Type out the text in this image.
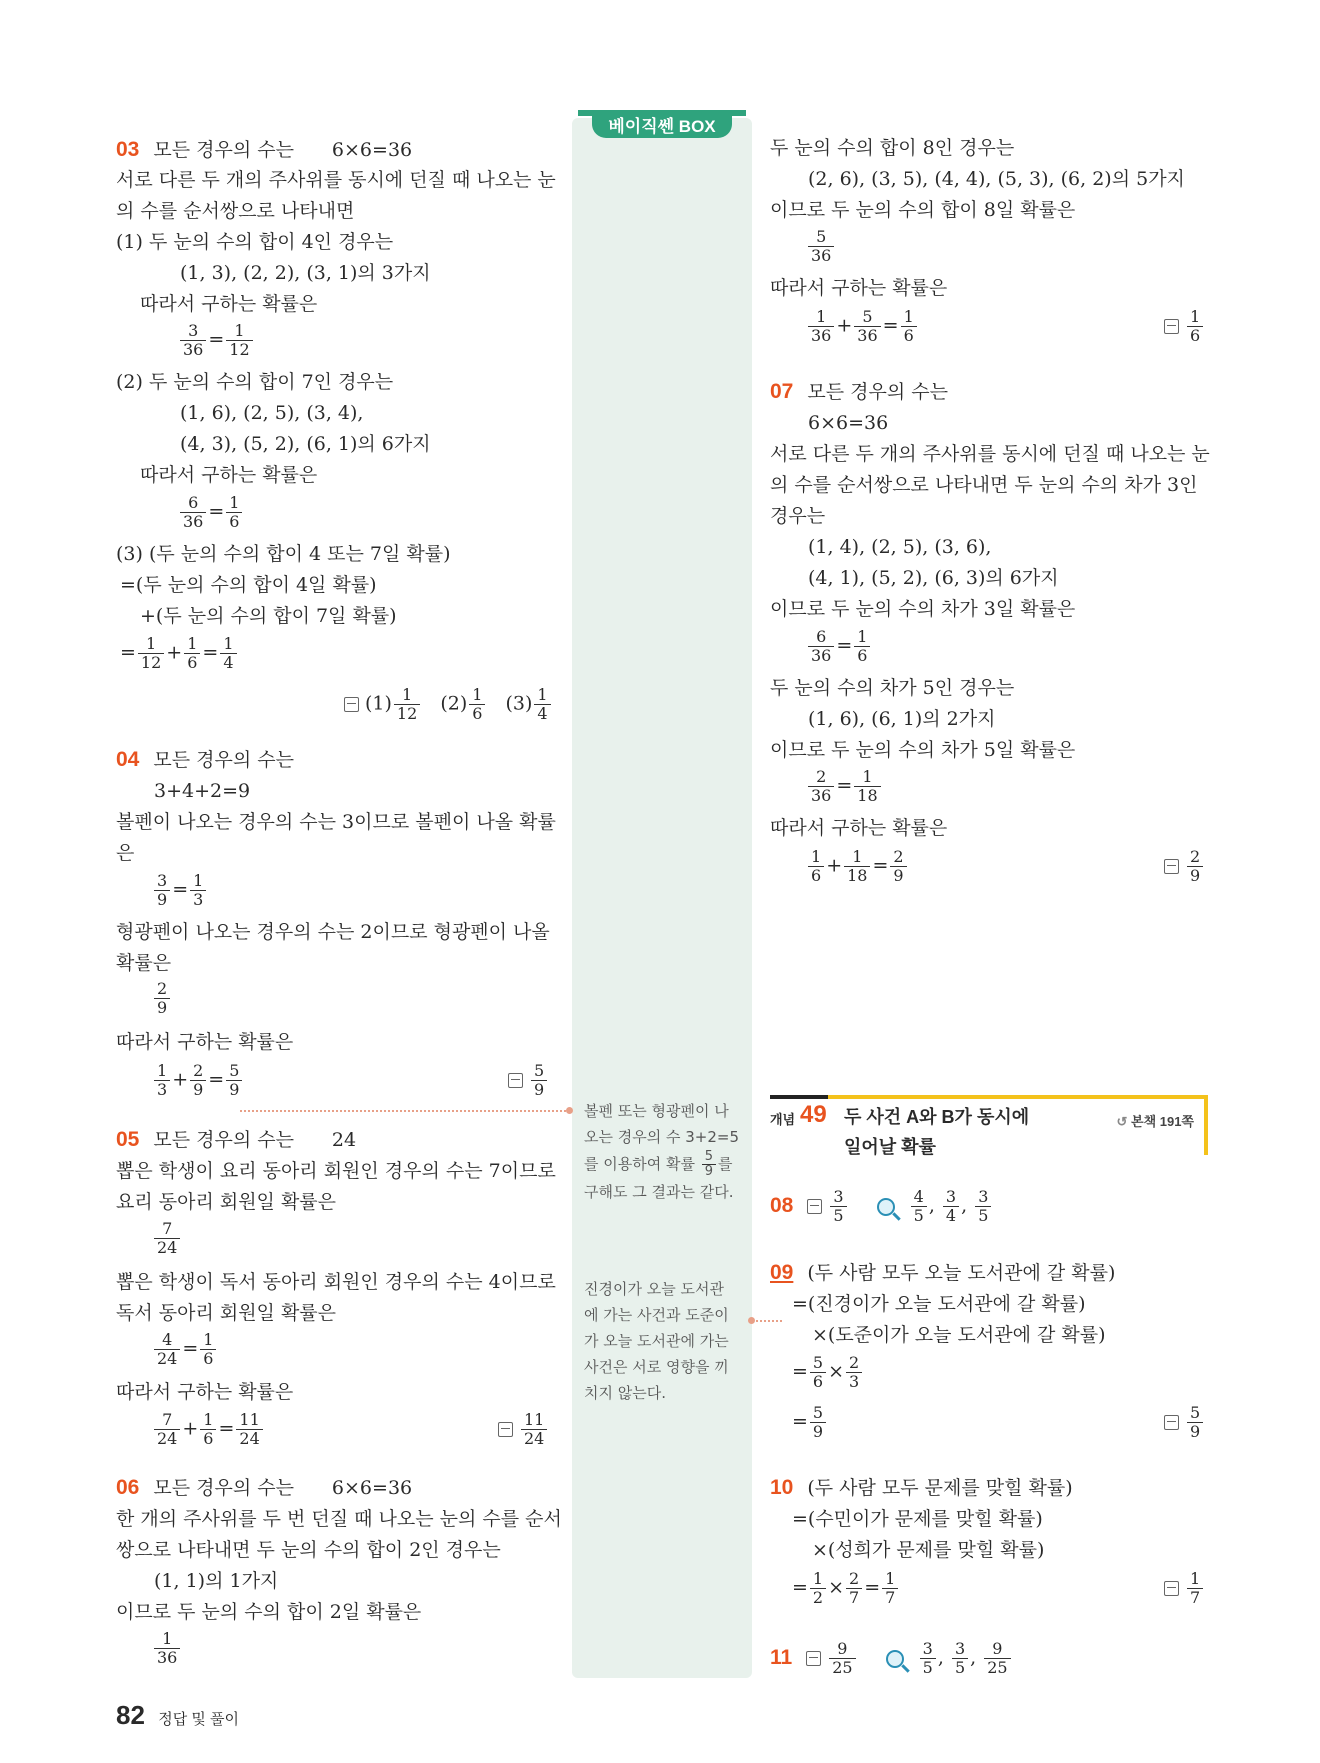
베이직쎈 BOX
03 모든 경우의 수는 6×6=36
서로 다른 두 개의 주사위를 동시에 던질 때 나오는 눈
의 수를 순서쌍으로 나타내면
(1) 두 눈의 수의 합이 4인 경우는
(1, 3), (2, 2), (3, 1)의 3가지
따라서 구하는 확률은
$\frac{3}{36} = \frac{1}{12}$
(2) 두 눈의 수의 합이 7인 경우는
(1, 6), (2, 5), (3, 4),
(4, 3), (5, 2), (6, 1)의 6가지
따라서 구하는 확률은
$\frac{6}{36} = \frac{1}{6}$
(3) (두 눈의 수의 합이 4 또는 7일 확률)
=(두 눈의 수의 합이 4일 확률)
+(두 눈의 수의 합이 7일 확률)
= $\frac{1}{12} + \frac{1}{6} = \frac{1}{4}$
$(1) \frac{1}{12} (2) \frac{1}{6} (3) \frac{1}{4}$
04 모든 경우의 수는
3+4+2=9
볼펜이 나오는 경우의 수는 3이므로 볼펜이 나올 확률
은
$\frac{3}{9} = \frac{1}{3}$
형광펜이 나오는 경우의 수는 2이므로 형광펜이 나올
확률은
$\frac{2}{9}$
따라서 구하는 확률은
$\frac{1}{3} + \frac{2}{9} = \frac{5}{9}$	$\frac{5}{9}$
05 모든 경우의 수는 24
뽑은 학생이 요리 동아리 회원인 경우의 수는 7이므로
요리 동아리 회원일 확률은
$\frac{7}{24}$
뽑은 학생이 독서 동아리 회원인 경우의 수는 4이므로
독서 동아리 회원일 확률은
$\frac{4}{24} = \frac{1}{6}$
따라서 구하는 확률은
$\frac{7}{24} + \frac{1}{6} = \frac{11}{24}$	$\frac{11}{24}$
06 모든 경우의 수는 6×6=36
한 개의 주사위를 두 번 던질 때 나오는 눈의 수를 순서
쌍으로 나타내면 두 눈의 수의 합이 2인 경우는
(1, 1)의 1가지
이므로 두 눈의 수의 합이 2일 확률은
$\frac{1}{36}$
82 정답 및 풀이
볼펜 또는 형광펜이 나
오는 경우의 수 3+2=5
를 이용하여 확률 $\frac{5}{9}$ 를
구해도 그 결과는 같다.
진경이가 오늘 도서관
에 가는 사건과 도준이
가 오늘 도서관에 가는
사건은 서로 영향을 끼
치지 않는다.
두 눈의 수의 합이 8인 경우는
(2, 6), (3, 5), (4, 4), (5, 3), (6, 2)의 5가지
이므로 두 눈의 수의 합이 8일 확률은
$\frac{5}{36}$
따라서 구하는 확률은
$\frac{1}{36} + \frac{5}{36} = \frac{1}{6}$	$\frac{1}{6}$
07 모든 경우의 수는
6×6=36
서로 다른 두 개의 주사위를 동시에 던질 때 나오는 눈
의 수를 순서쌍으로 나타내면 두 눈의 수의 차가 3인
경우는
(1, 4), (2, 5), (3, 6),
(4, 1), (5, 2), (6, 3)의 6가지
이므로 두 눈의 수의 차가 3일 확률은
$\frac{6}{36} = \frac{1}{6}$
두 눈의 수의 차가 5인 경우는
(1, 6), (6, 1)의 2가지
이므로 두 눈의 수의 차가 5일 확률은
$\frac{2}{36} = \frac{1}{18}$
따라서 구하는 확률은
$\frac{1}{6} + \frac{1}{18} = \frac{2}{9}$	$\frac{2}{9}$
개념 49 두 사건 A와 B가 동시에
일어날 확률
↺ 본책 191쪽
$08 \frac{3}{5}$
	$\frac{4}{5}$ , $\frac{3}{4}$ , $\frac{3}{5}$
09 (두 사람 모두 오늘 도서관에 갈 확률)
=(진경이가 오늘 도서관에 갈 확률)
×(도준이가 오늘 도서관에 갈 확률)
= $\frac{5}{6} \times \frac{2}{3}$
= $\frac{5}{9}$	$\frac{5}{9}$
10 (두 사람 모두 문제를 맞힐 확률)
=(수민이가 문제를 맞힐 확률)
×(성희가 문제를 맞힐 확률)
= $\frac{1}{2} \times \frac{2}{7} = \frac{1}{7}$	$\frac{1}{7}$
$11 \frac{9}{25}$
	$\frac{3}{5}$ , $\frac{3}{5}$ , $\frac{9}{25}$
